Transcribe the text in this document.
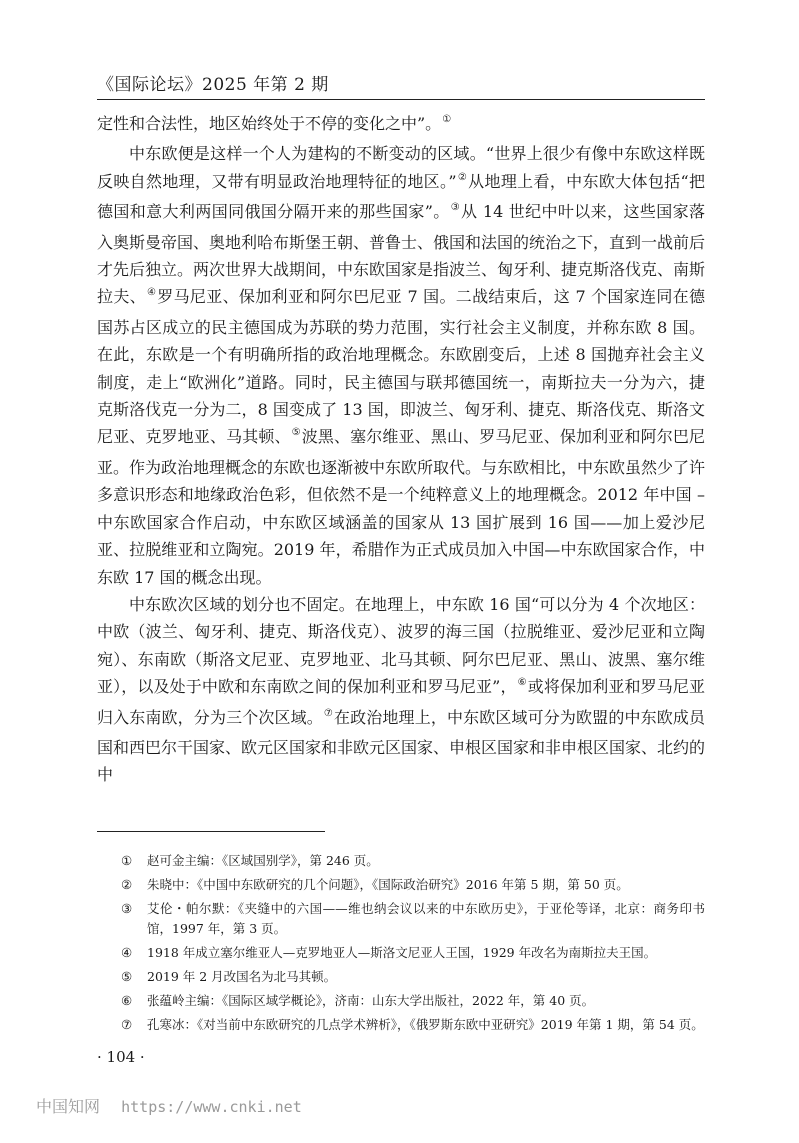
《国际论坛》2025 年第 2 期

定性和合法性，地区始终处于不停的变化之中”。①

中东欧便是这样一个人为建构的不断变动的区域。“世界上很少有像中东欧这样既反映自然地理，又带有明显政治地理特征的地区。”②从地理上看，中东欧大体包括“把德国和意大利两国同俄国分隔开来的那些国家”。③从 14 世纪中叶以来，这些国家落入奥斯曼帝国、奥地利哈布斯堡王朝、普鲁士、俄国和法国的统治之下，直到一战前后才先后独立。两次世界大战期间，中东欧国家是指波兰、匈牙利、捷克斯洛伐克、南斯拉夫、④罗马尼亚、保加利亚和阿尔巴尼亚 7 国。二战结束后，这 7 个国家连同在德国苏占区成立的民主德国成为苏联的势力范围，实行社会主义制度，并称东欧 8 国。在此，东欧是一个有明确所指的政治地理概念。东欧剧变后，上述 8 国抛弃社会主义制度，走上“欧洲化”道路。同时，民主德国与联邦德国统一，南斯拉夫一分为六，捷克斯洛伐克一分为二，8 国变成了 13 国，即波兰、匈牙利、捷克、斯洛伐克、斯洛文尼亚、克罗地亚、马其顿、⑤波黑、塞尔维亚、黑山、罗马尼亚、保加利亚和阿尔巴尼亚。作为政治地理概念的东欧也逐渐被中东欧所取代。与东欧相比，中东欧虽然少了许多意识形态和地缘政治色彩，但依然不是一个纯粹意义上的地理概念。2012 年中国 – 中东欧国家合作启动，中东欧区域涵盖的国家从 13 国扩展到 16 国——加上爱沙尼亚、拉脱维亚和立陶宛。2019 年，希腊作为正式成员加入中国—中东欧国家合作，中东欧 17 国的概念出现。

中东欧次区域的划分也不固定。在地理上，中东欧 16 国“可以分为 4 个次地区：中欧（波兰、匈牙利、捷克、斯洛伐克）、波罗的海三国（拉脱维亚、爱沙尼亚和立陶宛）、东南欧（斯洛文尼亚、克罗地亚、北马其顿、阿尔巴尼亚、黑山、波黑、塞尔维亚），以及处于中欧和东南欧之间的保加利亚和罗马尼亚”，⑥或将保加利亚和罗马尼亚归入东南欧，分为三个次区域。⑦在政治地理上，中东欧区域可分为欧盟的中东欧成员国和西巴尔干国家、欧元区国家和非欧元区国家、申根区国家和非申根区国家、北约的中

①	赵可金主编：《区域国别学》，第 246 页。
②	朱晓中：《中国中东欧研究的几个问题》，《国际政治研究》2016 年第 5 期，第 50 页。
③	艾伦・帕尔默：《夹缝中的六国——维也纳会议以来的中东欧历史》，于亚伦等译，北京：商务印书馆，1997 年，第 3 页。
④	1918 年成立塞尔维亚人—克罗地亚人—斯洛文尼亚人王国，1929 年改名为南斯拉夫王国。
⑤	2019 年 2 月改国名为北马其顿。
⑥	张蕴岭主编：《国际区域学概论》，济南：山东大学出版社，2022 年，第 40 页。
⑦	孔寒冰：《对当前中东欧研究的几点学术辨析》，《俄罗斯东欧中亚研究》2019 年第 1 期，第 54 页。
· 104 ·
中国知网 https://www.cnki.net
